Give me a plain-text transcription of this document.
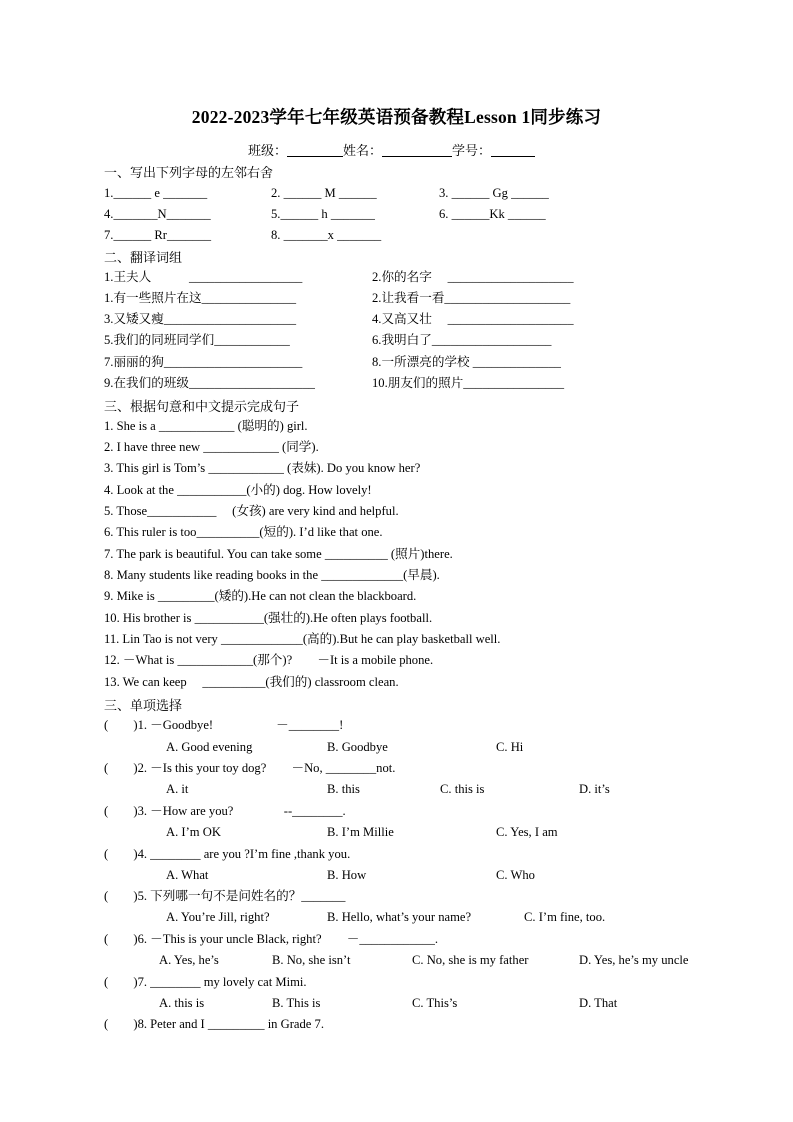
2022-2023学年七年级英语预备教程Lesson 1同步练习
班级：	姓名：	学号：
一、写出下列字母的左邻右舍
1.______ e _______	2. ______ M ______	3. ______ Gg ______
4._______N_______	5.______ h _______	6. ______Kk ______
7.______ Rr_______	8. _______x _______
二、翻译词组
1.王夫人　　　__________________	2.你的名字　 ____________________
1.有一些照片在这_______________	2.让我看一看____________________
3.又矮又瘦_____________________	4.又高又壮　 ____________________
5.我们的同班同学们____________	6.我明白了___________________
7.丽丽的狗______________________	8.一所漂亮的学校 ______________
9.在我们的班级____________________	10.朋友们的照片________________
三、根据句意和中文提示完成句子
1. She is a ____________ (聪明的) girl.
2. I have three new ____________ (同学).
3. This girl is Tom’s ____________ (表妹). Do you know her?
4. Look at the ___________(小的) dog. How lovely!
5. Those___________　 (女孩) are very kind and helpful.
6. This ruler is too__________(短的). I’d like that one.
7. The park is beautiful. You can take some __________ (照片)there.
8. Many students like reading books in the _____________(早晨).
9. Mike is _________(矮的).He can not clean the blackboard.
10. His brother is ___________(强壮的).He often plays football.
11. Lin Tao is not very _____________(高的).But he can play basketball well.
12. －What is ____________(那个)?　　－It is a mobile phone.
13. We can keep 　__________(我们的) classroom clean.
三、单项选择
(　　)1. －Goodbye!　　　　　－________!
A. Good evening	B. Goodbye	C. Hi
(　　)2. －Is this your toy dog?　　－No, ________not.
A. it	B. this	C. this is	D. it’s
(　　)3. －How are you?　　　　--________.
A. I’m OK	B. I’m Millie	C. Yes, I am
(　　)4. ________ are you ?I’m fine ,thank you.
A. What	B. How	C. Who
(　　)5. 下列哪一句不是问姓名的？_______
A. You’re Jill, right?	B. Hello, what’s your name?	C. I’m fine, too.
(　　)6. －This is your uncle Black, right?　　－____________.
A. Yes, he’s	B. No, she isn’t	C. No, she is my father	D. Yes, he’s my uncle
(　　)7. ________ my lovely cat Mimi.
A. this is	B. This is	C. This’s	D. That
(　　)8. Peter and I _________ in Grade 7.
